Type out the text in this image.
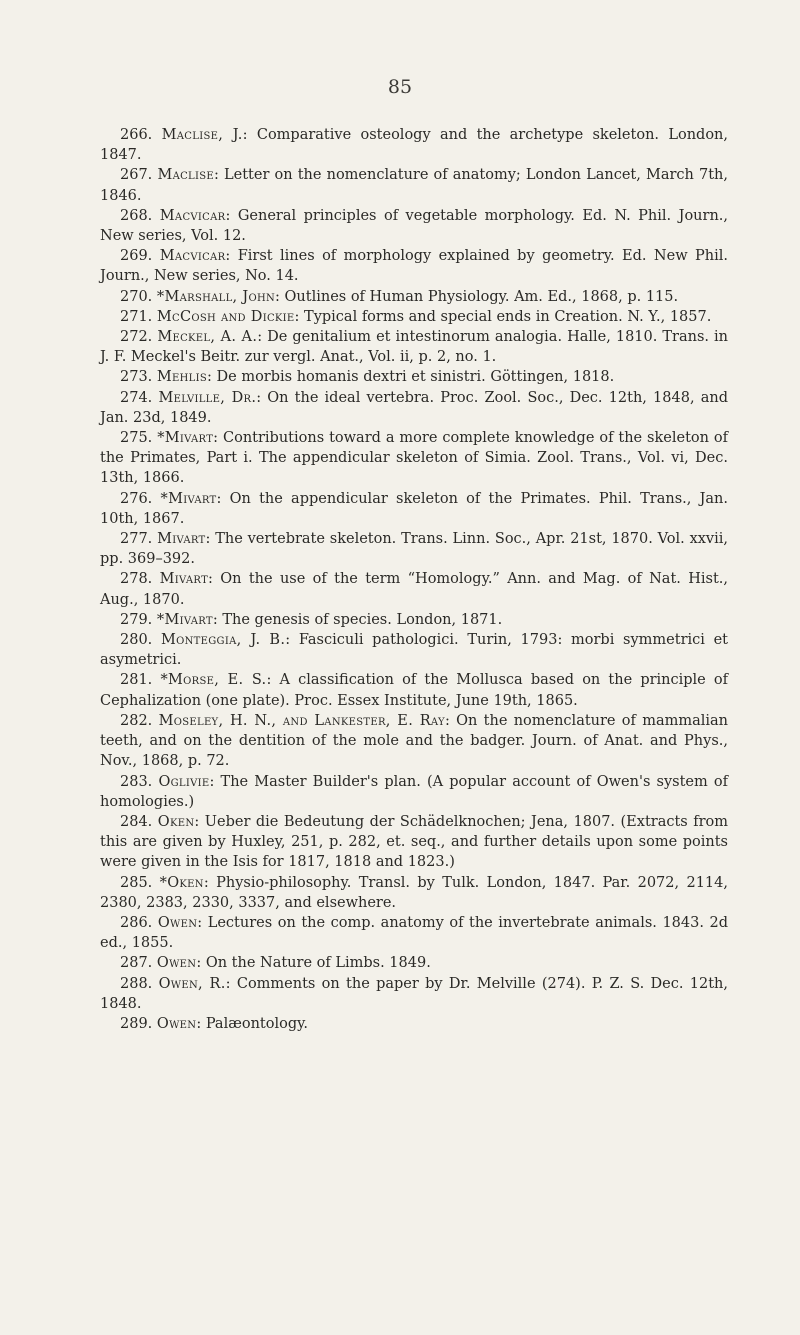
85

266. Maclise, J.: Comparative osteology and the archetype skeleton. London, 1847.

267. Maclise: Letter on the nomenclature of anatomy; London Lancet, March 7th, 1846.

268. Macvicar: General principles of vegetable morphology. Ed. N. Phil. Journ., New series, Vol. 12.

269. Macvicar: First lines of morphology explained by geometry. Ed. New Phil. Journ., New series, No. 14.

270. *Marshall, John: Outlines of Human Physiology. Am. Ed., 1868, p. 115.

271. McCosh and Dickie: Typical forms and special ends in Creation. N. Y., 1857.

272. Meckel, A. A.: De genitalium et intestinorum analogia. Halle, 1810. Trans. in J. F. Meckel's Beitr. zur vergl. Anat., Vol. ii, p. 2, no. 1.

273. Mehlis: De morbis homanis dextri et sinistri. Göttingen, 1818.

274. Melville, Dr.: On the ideal vertebra. Proc. Zool. Soc., Dec. 12th, 1848, and Jan. 23d, 1849.

275. *Mivart: Contributions toward a more complete knowledge of the skeleton of the Primates, Part i. The appendicular skeleton of Simia. Zool. Trans., Vol. vi, Dec. 13th, 1866.

276. *Mivart: On the appendicular skeleton of the Primates. Phil. Trans., Jan. 10th, 1867.

277. Mivart: The vertebrate skeleton. Trans. Linn. Soc., Apr. 21st, 1870. Vol. xxvii, pp. 369–392.

278. Mivart: On the use of the term “Homology.” Ann. and Mag. of Nat. Hist., Aug., 1870.

279. *Mivart: The genesis of species. London, 1871.

280. Monteggia, J. B.: Fasciculi pathologici. Turin, 1793: morbi symmetrici et asymetrici.

281. *Morse, E. S.: A classification of the Mollusca based on the principle of Cephalization (one plate). Proc. Essex Institute, June 19th, 1865.

282. Moseley, H. N., and Lankester, E. Ray: On the nomenclature of mammalian teeth, and on the dentition of the mole and the badger. Journ. of Anat. and Phys., Nov., 1868, p. 72.

283. Oglivie: The Master Builder's plan. (A popular account of Owen's system of homologies.)

284. Oken: Ueber die Bedeutung der Schädelknochen; Jena, 1807. (Extracts from this are given by Huxley, 251, p. 282, et. seq., and further details upon some points were given in the Isis for 1817, 1818 and 1823.)

285. *Oken: Physio-philosophy. Transl. by Tulk. London, 1847. Par. 2072, 2114, 2380, 2383, 2330, 3337, and elsewhere.

286. Owen: Lectures on the comp. anatomy of the invertebrate animals. 1843. 2d ed., 1855.

287. Owen: On the Nature of Limbs. 1849.

288. Owen, R.: Comments on the paper by Dr. Melville (274). P. Z. S. Dec. 12th, 1848.

289. Owen: Palæontology.
